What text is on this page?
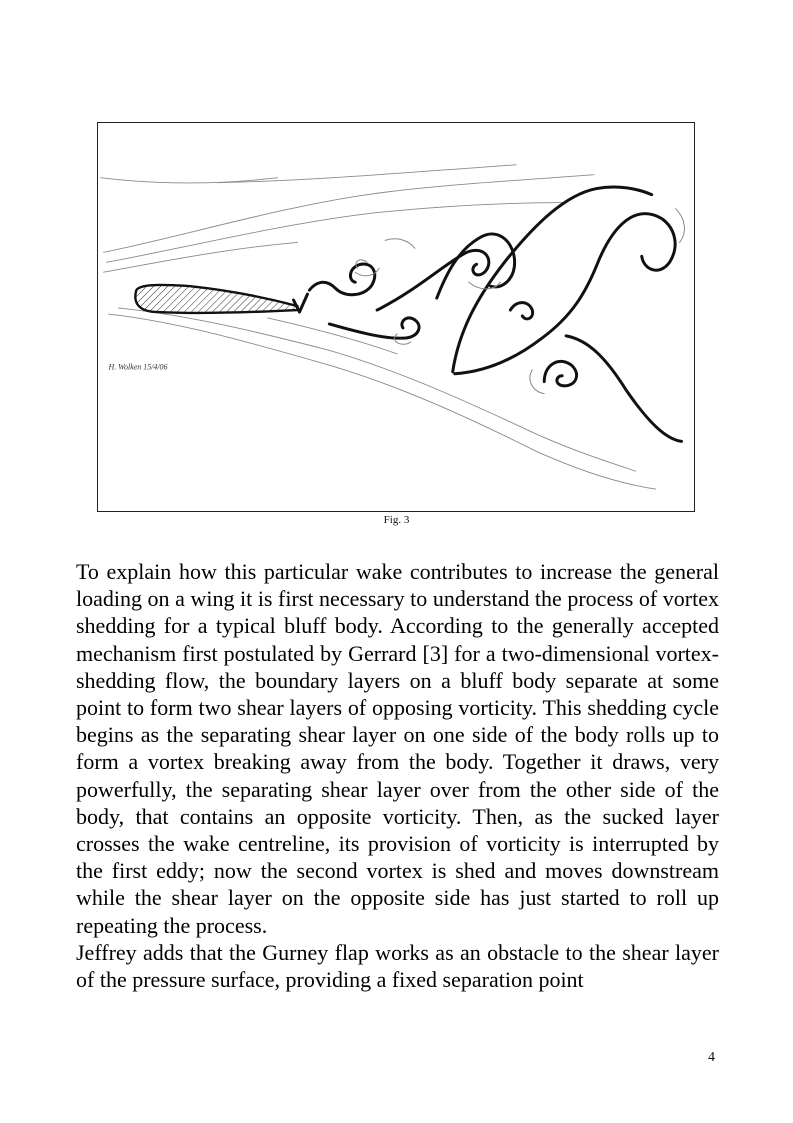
H. Wolken 15/4/06
Fig. 3

To explain how this particular wake contributes to increase the general loading on a wing it is first necessary to understand the process of vortex shedding for a typical bluff body. According to the generally accepted mechanism first postulated by Gerrard [3] for a two-dimensional vortex-shedding flow, the boundary layers on a bluff body separate at some point to form two shear layers of opposing vorticity. This shedding cycle begins as the separating shear layer on one side of the body rolls up to form a vortex breaking away from the body. Together it draws, very powerfully, the separating shear layer over from the other side of the body, that contains an opposite vorticity. Then, as the sucked layer crosses the wake centreline, its provision of vorticity is interrupted by the first eddy; now the second vortex is shed and moves downstream while the shear layer on the opposite side has just started to roll up repeating the process.

Jeffrey adds that the Gurney flap works as an obstacle to the shear layer of the pressure surface, providing a fixed separation point

4
